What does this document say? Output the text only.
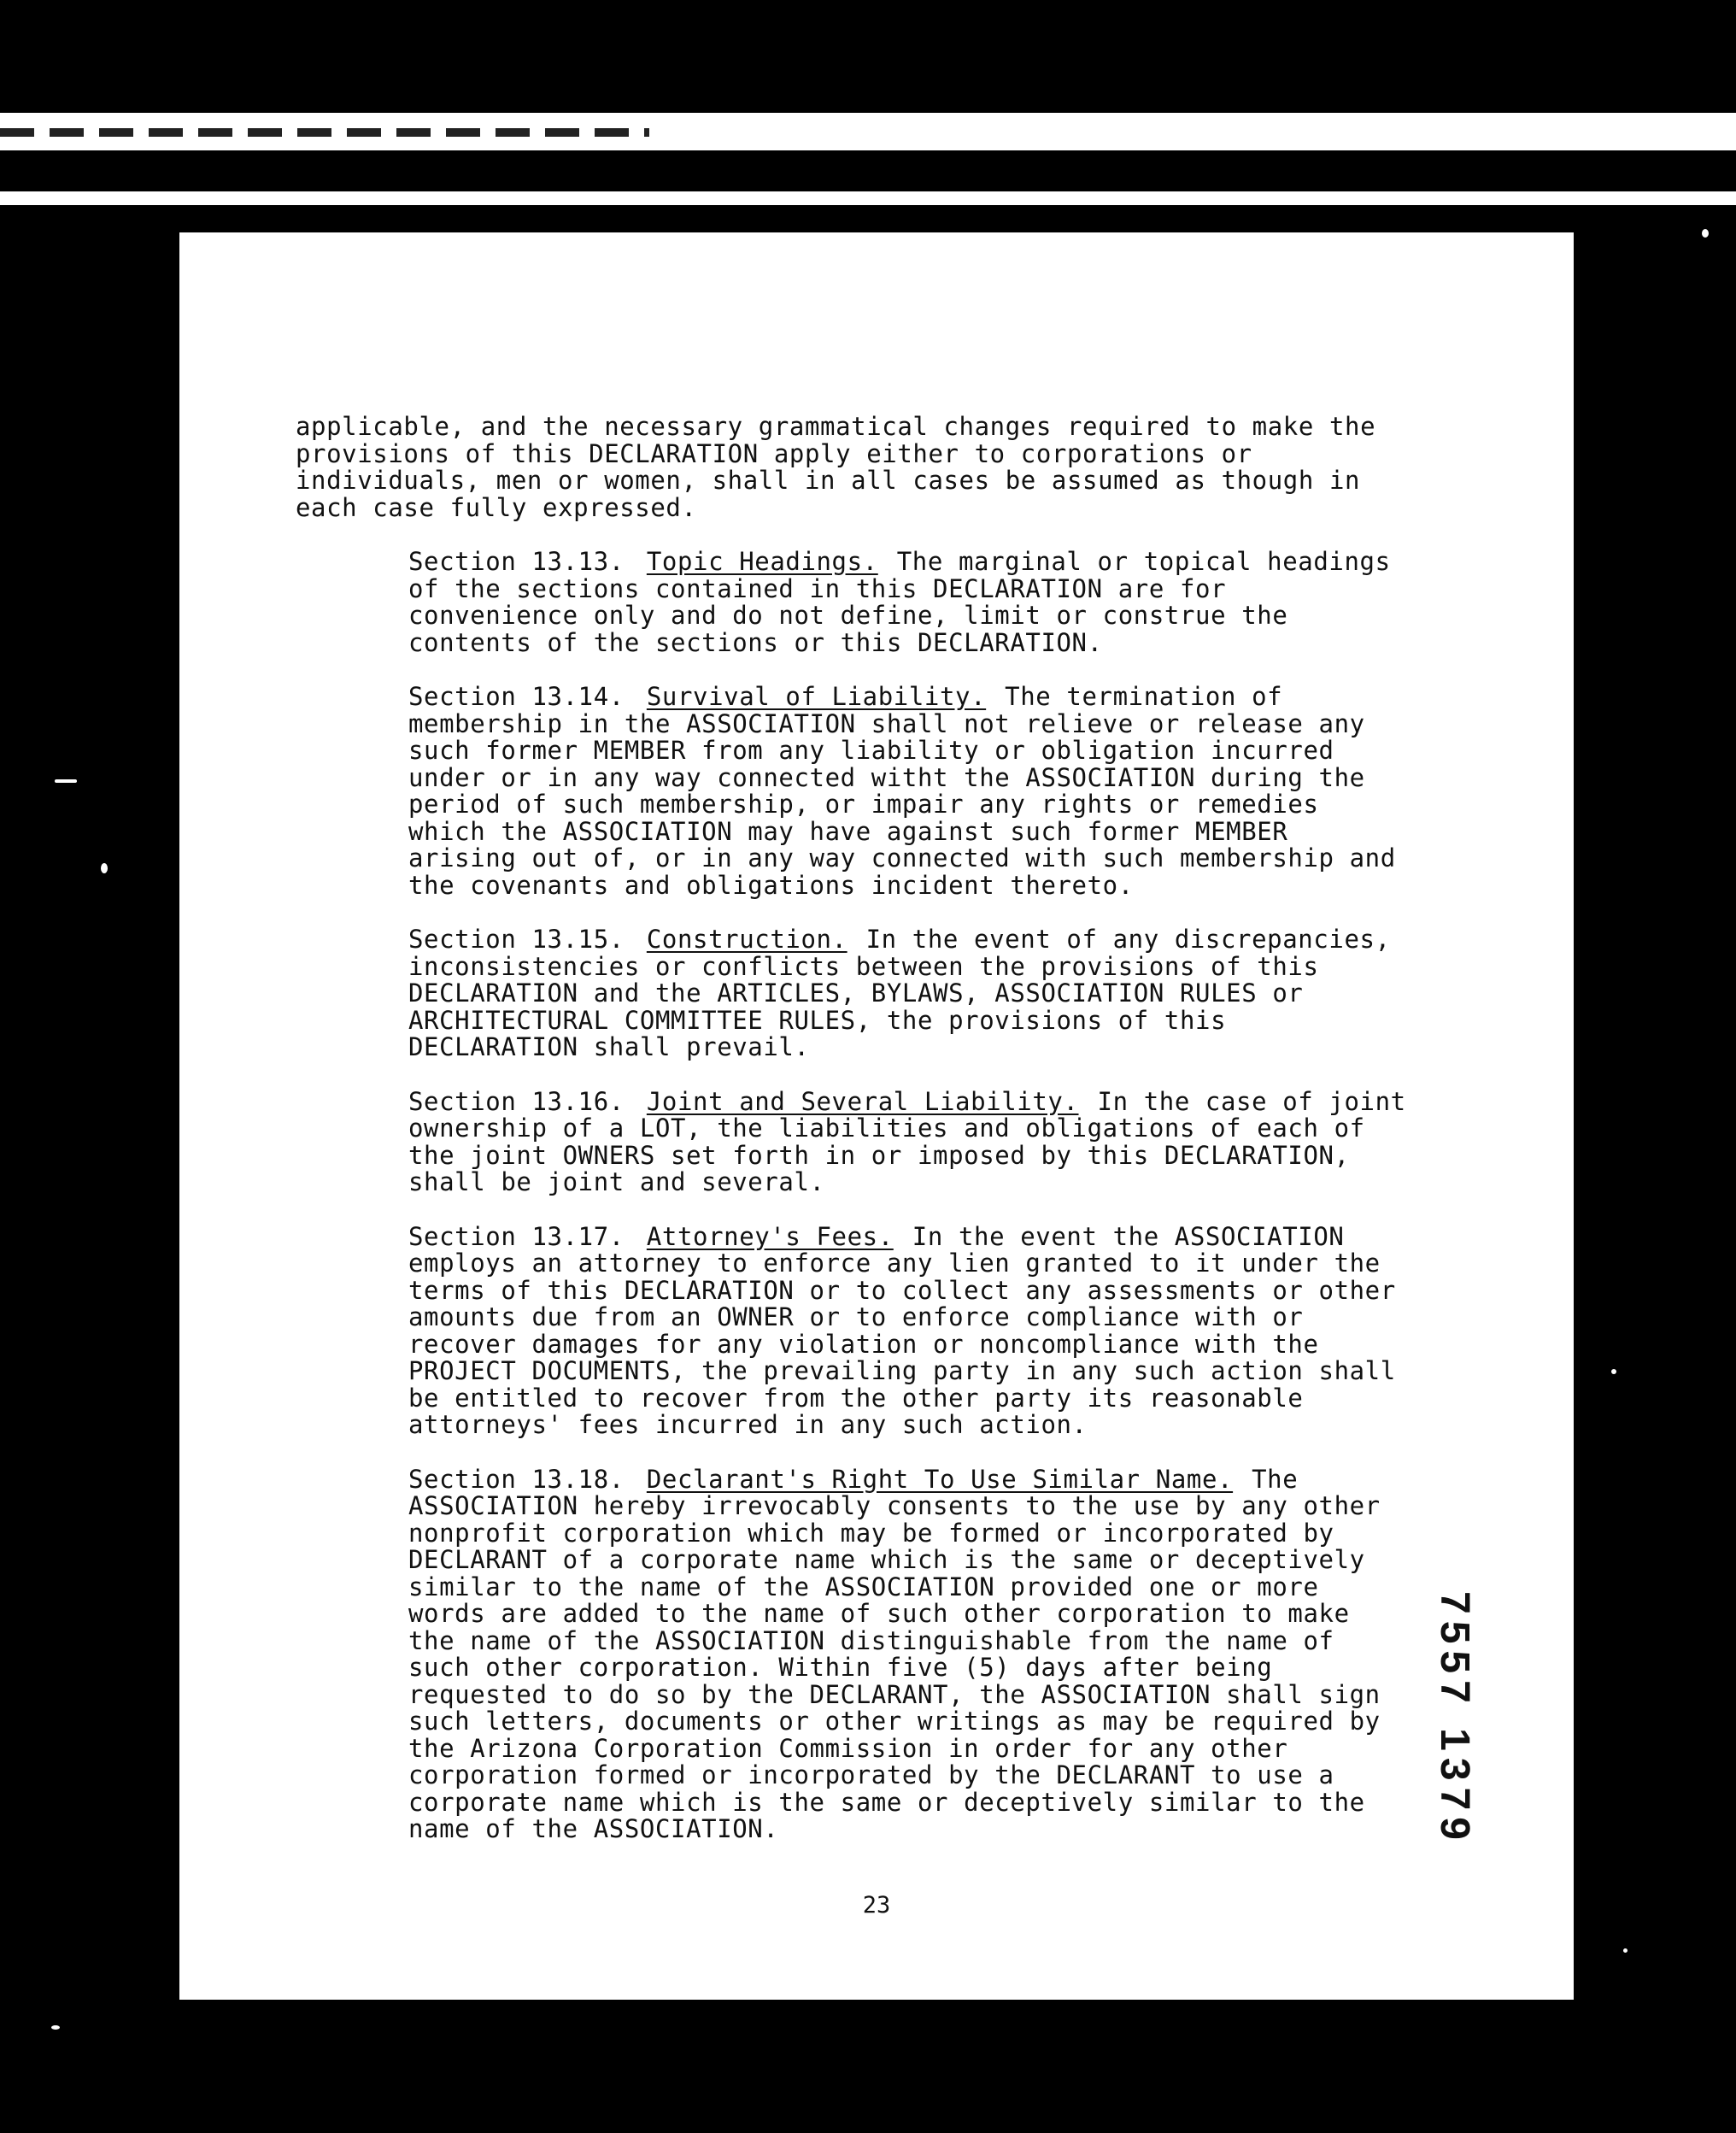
applicable, and the necessary grammatical changes required to make the provisions of this DECLARATION apply either to corporations or individuals, men or women, shall in all cases be assumed as though in each case fully expressed.

Section 13.13. Topic Headings. The marginal or topical headings of the sections contained in this DECLARATION are for convenience only and do not define, limit or construe the contents of the sections or this DECLARATION.

Section 13.14. Survival of Liability. The termination of membership in the ASSOCIATION shall not relieve or release any such former MEMBER from any liability or obligation incurred under or in any way connected witht the ASSOCIATION during the period of such membership, or impair any rights or remedies which the ASSOCIATION may have against such former MEMBER arising out of, or in any way connected with such membership and the covenants and obligations incident thereto.

Section 13.15. Construction. In the event of any discrepancies, inconsistencies or conflicts between the provisions of this DECLARATION and the ARTICLES, BYLAWS, ASSOCIATION RULES or ARCHITECTURAL COMMITTEE RULES, the provisions of this DECLARATION shall prevail.

Section 13.16. Joint and Several Liability. In the case of joint ownership of a LOT, the liabilities and obligations of each of the joint OWNERS set forth in or imposed by this DECLARATION, shall be joint and several.

Section 13.17. Attorney's Fees. In the event the ASSOCIATION employs an attorney to enforce any lien granted to it under the terms of this DECLARATION or to collect any assessments or other amounts due from an OWNER or to enforce compliance with or recover damages for any violation or noncompliance with the PROJECT DOCUMENTS, the prevailing party in any such action shall be entitled to recover from the other party its reasonable attorneys' fees incurred in any such action.

Section 13.18. Declarant's Right To Use Similar Name. The ASSOCIATION hereby irrevocably consents to the use by any other nonprofit corporation which may be formed or incorporated by DECLARANT of a corporate name which is the same or deceptively similar to the name of the ASSOCIATION provided one or more words are added to the name of such other corporation to make the name of the ASSOCIATION distinguishable from the name of such other corporation. Within five (5) days after being requested to do so by the DECLARANT, the ASSOCIATION shall sign such letters, documents or other writings as may be required by the Arizona Corporation Commission in order for any other corporation formed or incorporated by the DECLARANT to use a corporate name which is the same or deceptively similar to the name of the ASSOCIATION.	7557 1379
23
